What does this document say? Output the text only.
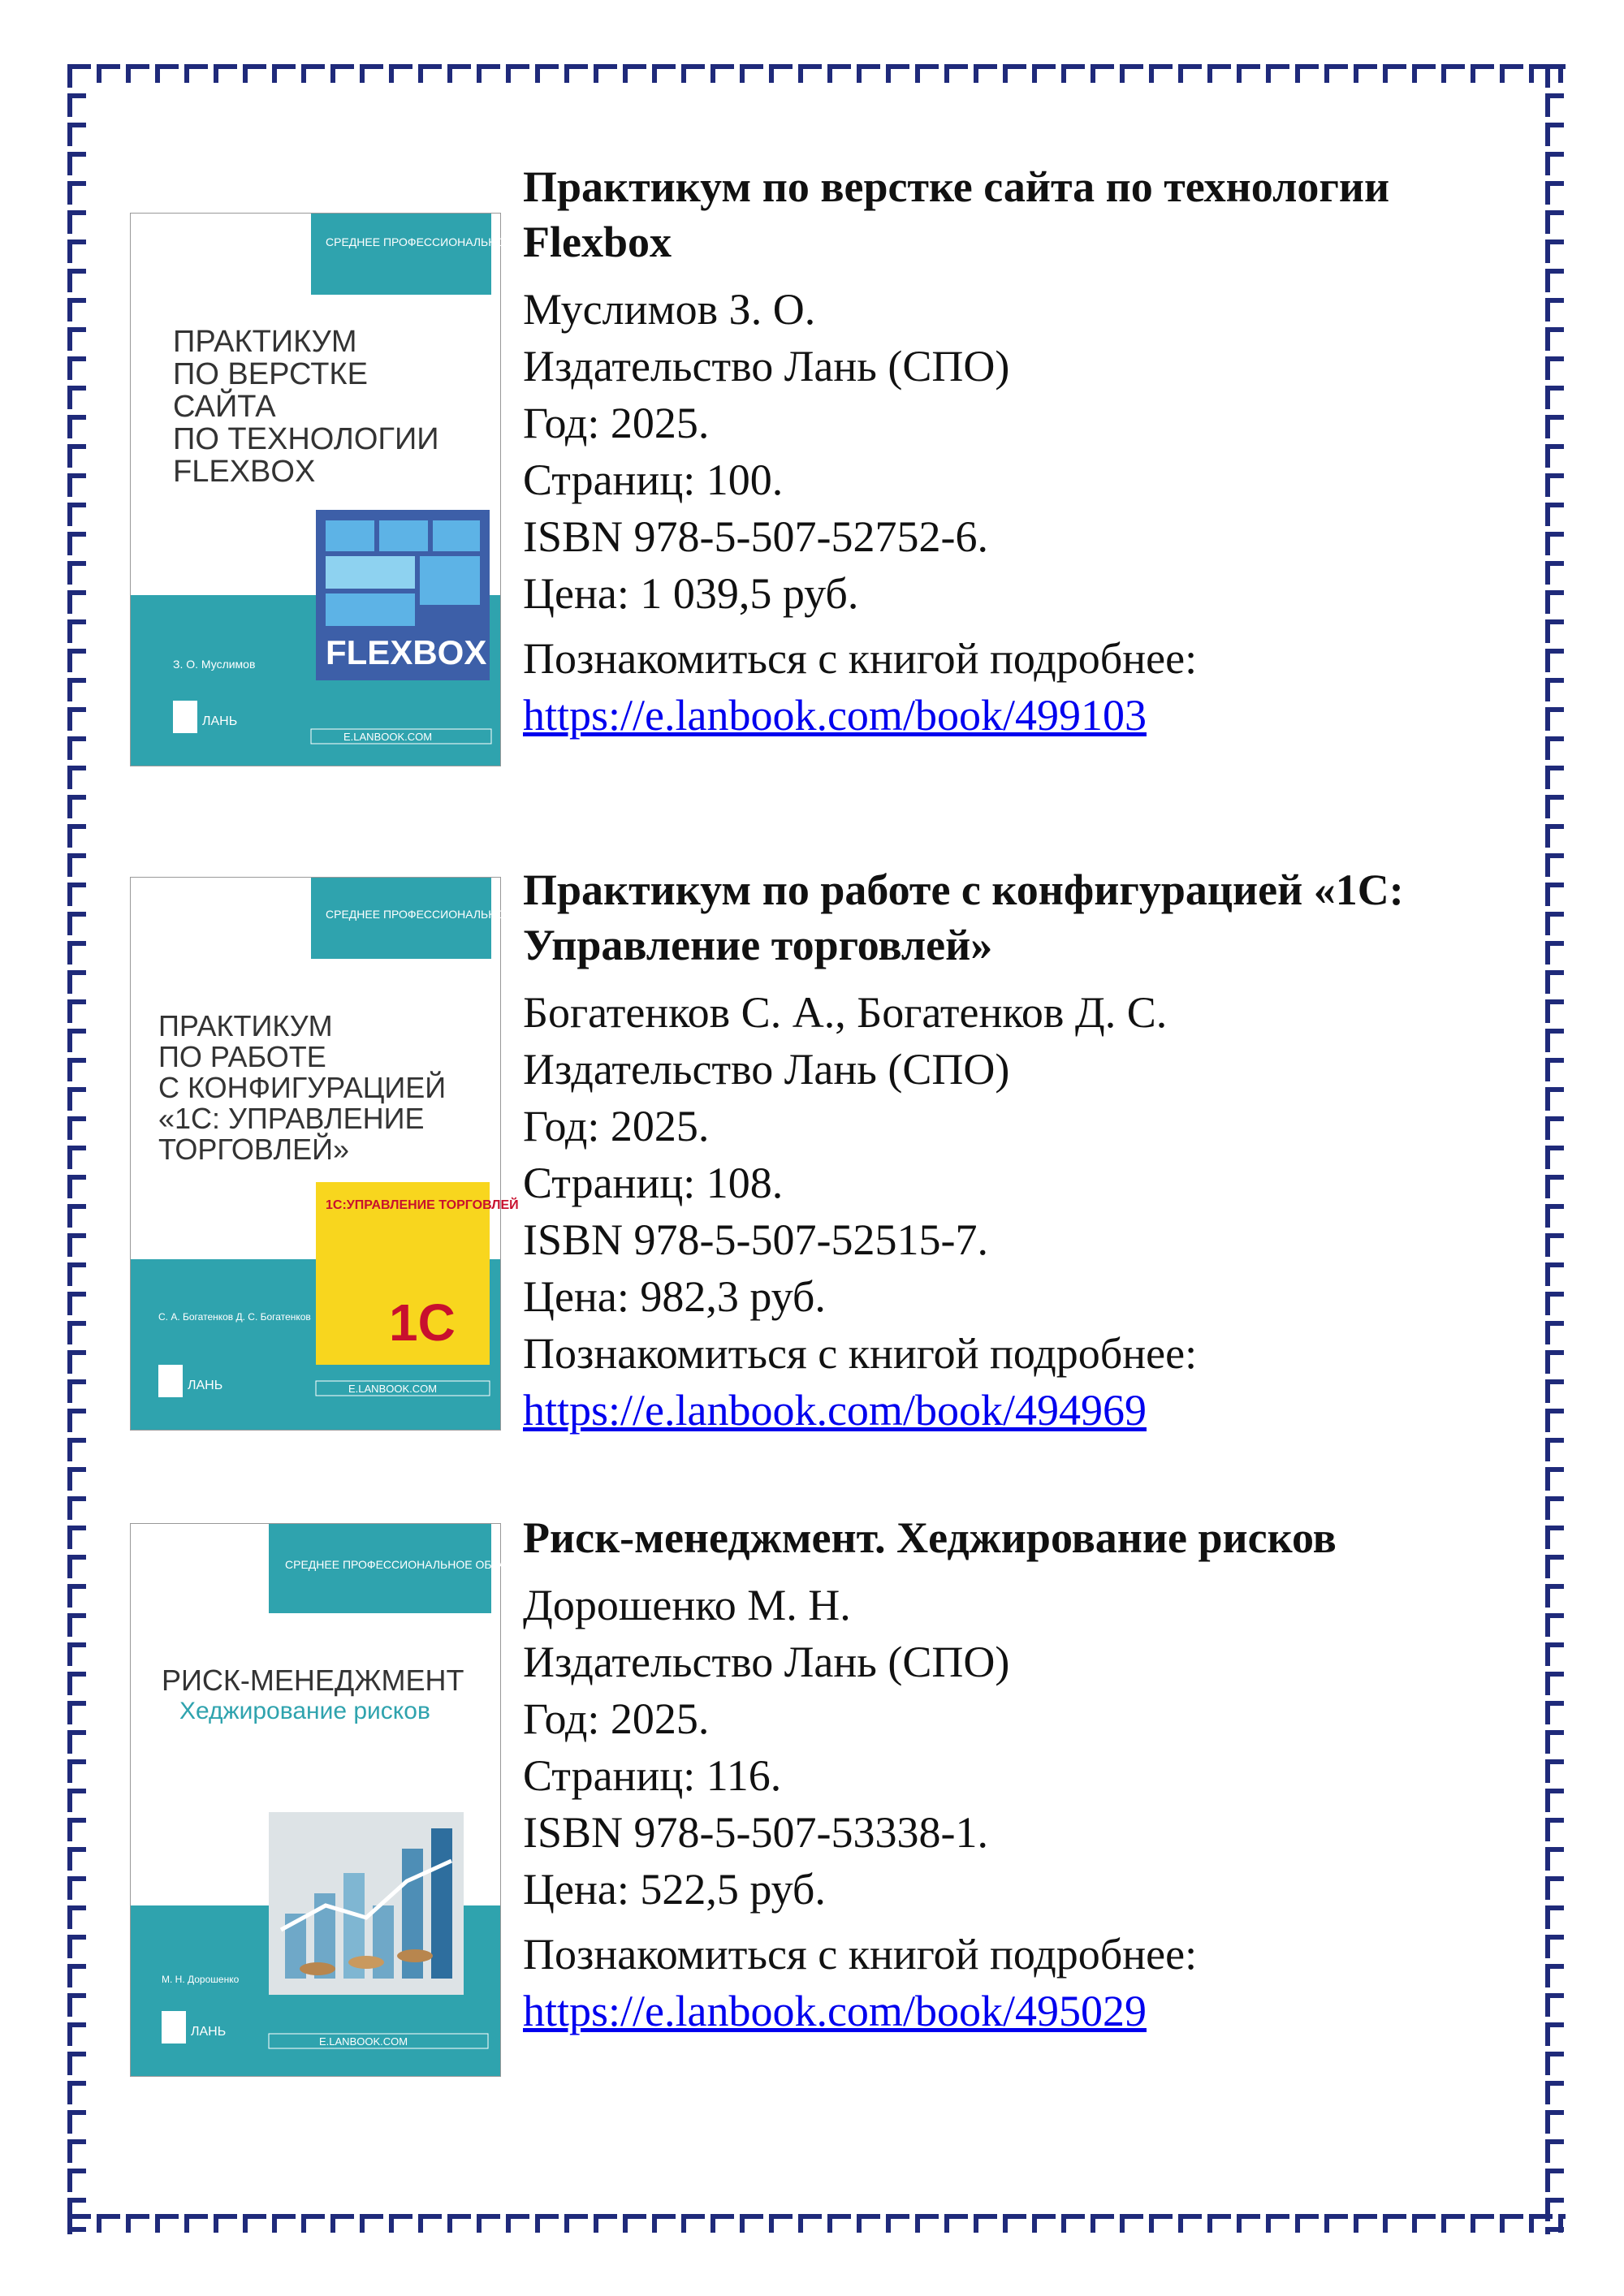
СРЕДНЕЕ ПРОФЕССИОНАЛЬНОЕ ОБРАЗОВАНИЕ
ПРАКТИКУМ
ПО ВЕРСТКЕ
САЙТА
ПО ТЕХНОЛОГИИ
FLEXBOX
FLEXBOX
З. О. Муслимов
ЛАНЬ
E.LANBOOK.COM

Практикум по верстке сайта по технологии Flexbox

Муслимов З. О.

Издательство Лань (СПО)

Год: 2025.

Страниц: 100.

ISBN 978-5-507-52752-6.

Цена: 1 039,5 руб.

Познакомиться с книгой подробнее: https://e.lanbook.com/book/499103

СРЕДНЕЕ ПРОФЕССИОНАЛЬНОЕ ОБРАЗОВАНИЕ
ПРАКТИКУМ
ПО РАБОТЕ
С КОНФИГУРАЦИЕЙ
«1С: УПРАВЛЕНИЕ
ТОРГОВЛЕЙ»
1С:УПРАВЛЕНИЕ ТОРГОВЛЕЙ
1С
С. А. Богатенков Д. С. Богатенков
ЛАНЬ	E.LANBOOK.COM

Практикум по работе с конфигурацией «1С: Управление торговлей»

Богатенков С. А., Богатенков Д. С.

Издательство Лань (СПО)

Год: 2025.

Страниц: 108.

ISBN 978-5-507-52515-7.

Цена: 982,3 руб.

Познакомиться с книгой подробнее: https://e.lanbook.com/book/494969

СРЕДНЕЕ ПРОФЕССИОНАЛЬНОЕ ОБРАЗОВАНИЕ
РИСК-МЕНЕДЖМЕНТ
Хеджирование рисков
М. Н. Дорошенко
ЛАНЬ
E.LANBOOK.COM

Риск-менеджмент. Хеджирование рисков

Дорошенко М. Н.

Издательство Лань (СПО)

Год: 2025.

Страниц: 116.

ISBN 978-5-507-53338-1.

Цена: 522,5 руб.

Познакомиться с книгой подробнее: https://e.lanbook.com/book/495029
